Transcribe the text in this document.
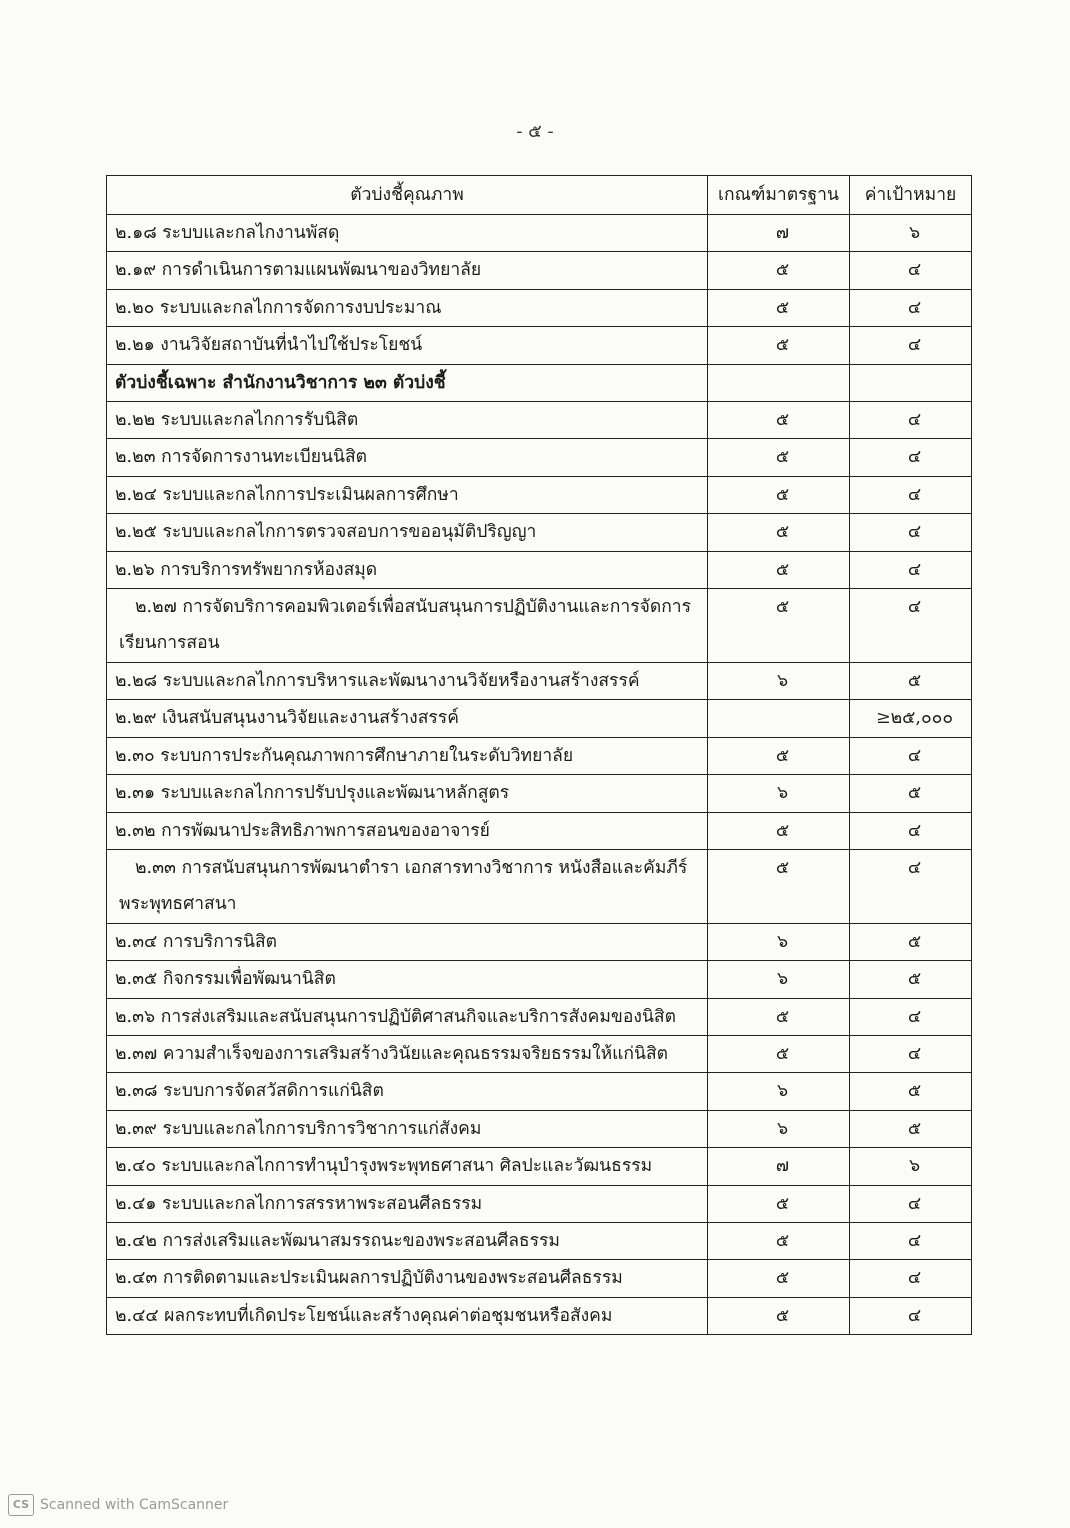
- ๕ -
ตัวบ่งชี้คุณภาพ	เกณฑ์มาตรฐาน	ค่าเป้าหมาย
๒.๑๘ ระบบและกลไกงานพัสดุ	๗	๖
๒.๑๙ การดำเนินการตามแผนพัฒนาของวิทยาลัย	๕	๔
๒.๒๐ ระบบและกลไกการจัดการงบประมาณ	๕	๔
๒.๒๑ งานวิจัยสถาบันที่นำไปใช้ประโยชน์	๕	๔
ตัวบ่งชี้เฉพาะ สำนักงานวิชาการ ๒๓ ตัวบ่งชี้		
๒.๒๒ ระบบและกลไกการรับนิสิต	๕	๔
๒.๒๓ การจัดการงานทะเบียนนิสิต	๕	๔
๒.๒๔ ระบบและกลไกการประเมินผลการศึกษา	๕	๔
๒.๒๕ ระบบและกลไกการตรวจสอบการขออนุมัติปริญญา	๕	๔
๒.๒๖ การบริการทรัพยากรห้องสมุด	๕	๔

๒.๒๗ การจัดบริการคอมพิวเตอร์เพื่อสนับสนุนการปฏิบัติงานและการจัดการ
เรียนการสอน	๕	๔
๒.๒๘ ระบบและกลไกการบริหารและพัฒนางานวิจัยหรืองานสร้างสรรค์	๖	๕
๒.๒๙ เงินสนับสนุนงานวิจัยและงานสร้างสรรค์		≥๒๕,๐๐๐
๒.๓๐ ระบบการประกันคุณภาพการศึกษาภายในระดับวิทยาลัย	๕	๔
๒.๓๑ ระบบและกลไกการปรับปรุงและพัฒนาหลักสูตร	๖	๕
๒.๓๒ การพัฒนาประสิทธิภาพการสอนของอาจารย์	๕	๔

๒.๓๓ การสนับสนุนการพัฒนาตำรา เอกสารทางวิชาการ หนังสือและคัมภีร์
พระพุทธศาสนา	๕	๔
๒.๓๔ การบริการนิสิต	๖	๕
๒.๓๕ กิจกรรมเพื่อพัฒนานิสิต	๖	๕
๒.๓๖ การส่งเสริมและสนับสนุนการปฏิบัติศาสนกิจและบริการสังคมของนิสิต	๕	๔
๒.๓๗ ความสำเร็จของการเสริมสร้างวินัยและคุณธรรมจริยธรรมให้แก่นิสิต	๕	๔
๒.๓๘ ระบบการจัดสวัสดิการแก่นิสิต	๖	๕
๒.๓๙ ระบบและกลไกการบริการวิชาการแก่สังคม	๖	๕
๒.๔๐ ระบบและกลไกการทำนุบำรุงพระพุทธศาสนา ศิลปะและวัฒนธรรม	๗	๖
๒.๔๑ ระบบและกลไกการสรรหาพระสอนศีลธรรม	๕	๔
๒.๔๒ การส่งเสริมและพัฒนาสมรรถนะของพระสอนศีลธรรม	๕	๔
๒.๔๓ การติดตามและประเมินผลการปฏิบัติงานของพระสอนศีลธรรม	๕	๔
๒.๔๔ ผลกระทบที่เกิดประโยชน์และสร้างคุณค่าต่อชุมชนหรือสังคม	๕	๔
CS Scanned with CamScanner
